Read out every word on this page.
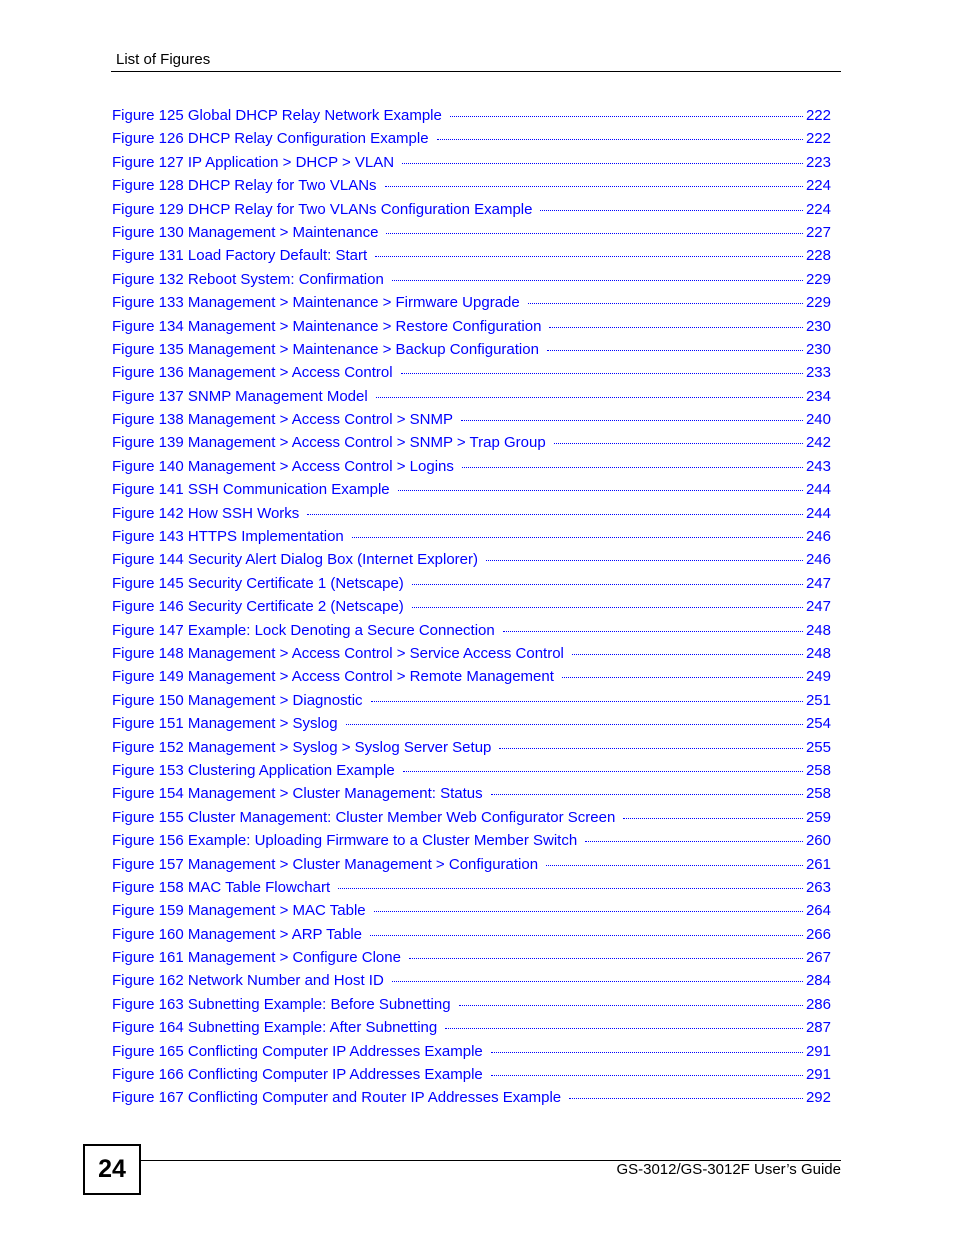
List of Figures
Figure 125 Global DHCP Relay Network Example	222
Figure 126 DHCP Relay Configuration Example	222
Figure 127 IP Application > DHCP > VLAN	223
Figure 128 DHCP Relay for Two VLANs	224
Figure 129 DHCP Relay for Two VLANs Configuration Example	224
Figure 130 Management > Maintenance	227
Figure 131 Load Factory Default: Start	228
Figure 132 Reboot System: Confirmation	229
Figure 133 Management > Maintenance > Firmware Upgrade	229
Figure 134 Management > Maintenance > Restore Configuration	230
Figure 135 Management > Maintenance > Backup Configuration	230
Figure 136 Management > Access Control	233
Figure 137 SNMP Management Model	234
Figure 138 Management > Access Control > SNMP	240
Figure 139 Management > Access Control > SNMP > Trap Group	242
Figure 140 Management > Access Control > Logins	243
Figure 141 SSH Communication Example	244
Figure 142 How SSH Works	244
Figure 143 HTTPS Implementation	246
Figure 144 Security Alert Dialog Box (Internet Explorer)	246
Figure 145 Security Certificate 1 (Netscape)	247
Figure 146 Security Certificate 2 (Netscape)	247
Figure 147 Example: Lock Denoting a Secure Connection	248
Figure 148 Management > Access Control > Service Access Control	248
Figure 149 Management > Access Control > Remote Management	249
Figure 150 Management > Diagnostic	251
Figure 151 Management > Syslog	254
Figure 152 Management > Syslog > Syslog Server Setup	255
Figure 153 Clustering Application Example	258
Figure 154 Management > Cluster Management: Status	258
Figure 155 Cluster Management: Cluster Member Web Configurator Screen	259
Figure 156 Example: Uploading Firmware to a Cluster Member Switch	260
Figure 157 Management > Cluster Management > Configuration	261
Figure 158 MAC Table Flowchart	263
Figure 159 Management > MAC Table	264
Figure 160 Management > ARP Table	266
Figure 161 Management > Configure Clone	267
Figure 162 Network Number and Host ID	284
Figure 163 Subnetting Example: Before Subnetting	286
Figure 164 Subnetting Example: After Subnetting	287
Figure 165 Conflicting Computer IP Addresses Example	291
Figure 166 Conflicting Computer IP Addresses Example	291
Figure 167 Conflicting Computer and Router IP Addresses Example	292
24	GS-3012/GS-3012F User’s Guide
